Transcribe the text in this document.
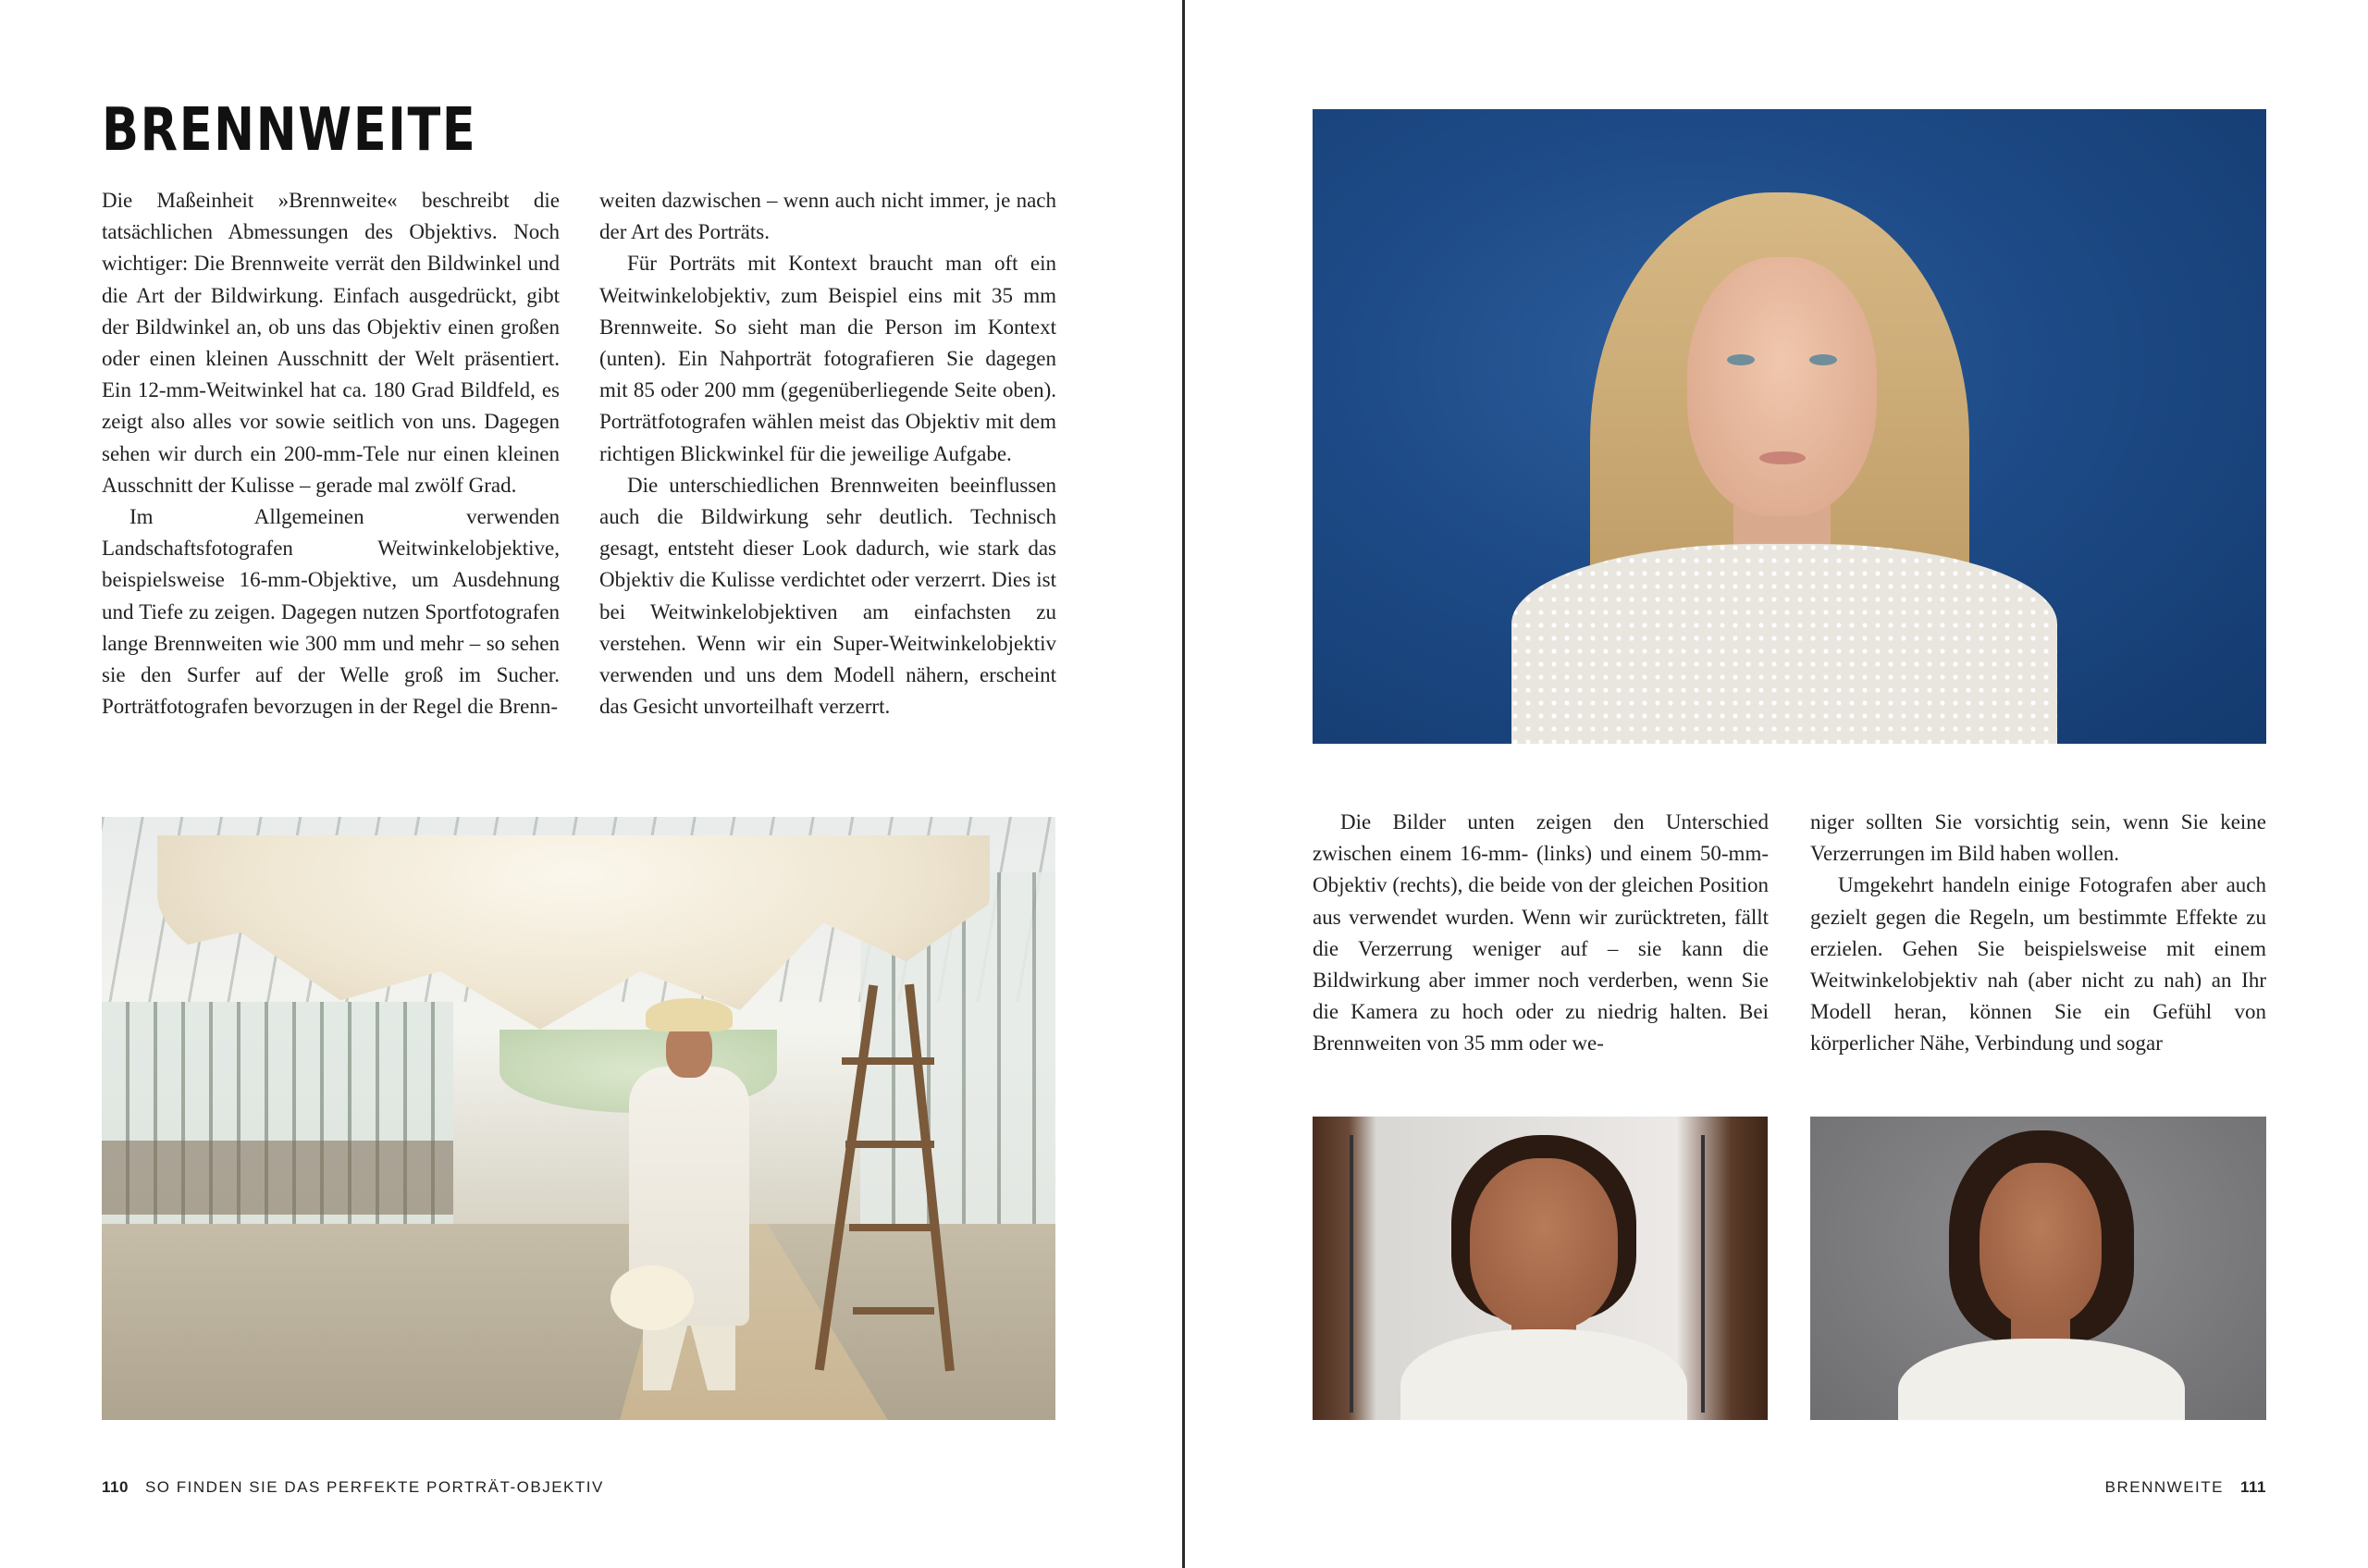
BRENNWEITE

Die Maßeinheit »Brennweite« beschreibt die tatsächlichen Abmessungen des Objektivs. Noch wichtiger: Die Brennweite verrät den Bildwinkel und die Art der Bildwirkung. Einfach ausgedrückt, gibt der Bildwinkel an, ob uns das Objektiv einen großen oder einen kleinen Ausschnitt der Welt präsentiert. Ein 12-mm-Weitwinkel hat ca. 180 Grad Bildfeld, es zeigt also alles vor sowie seitlich von uns. Dagegen sehen wir durch ein 200-mm-Tele nur einen kleinen Ausschnitt der Kulisse – gerade mal zwölf Grad.

Im Allgemeinen verwenden Landschaftsfotografen Weitwinkelobjektive, beispielsweise 16-mm-Objektive, um Ausdehnung und Tiefe zu zeigen. Dagegen nutzen Sportfotografen lange Brennweiten wie 300 mm und mehr – so sehen sie den Surfer auf der Welle groß im Sucher. Porträtfotografen bevorzugen in der Regel die Brenn-

weiten dazwischen – wenn auch nicht immer, je nach der Art des Porträts.

Für Porträts mit Kontext braucht man oft ein Weitwinkelobjektiv, zum Beispiel eins mit 35 mm Brennweite. So sieht man die Person im Kontext (unten). Ein Nahporträt fotografieren Sie dagegen mit 85 oder 200 mm (gegenüberliegende Seite oben). Porträtfotografen wählen meist das Objektiv mit dem richtigen Blickwinkel für die jeweilige Aufgabe.

Die unterschiedlichen Brennweiten beeinflussen auch die Bildwirkung sehr deutlich. Technisch gesagt, entsteht dieser Look dadurch, wie stark das Objektiv die Kulisse verdichtet oder verzerrt. Dies ist bei Weitwinkelobjektiven am einfachsten zu verstehen. Wenn wir ein Super-Weitwinkelobjektiv verwenden und uns dem Modell nähern, erscheint das Gesicht unvorteilhaft verzerrt.

110 SO FINDEN SIE DAS PERFEKTE PORTRÄT-OBJEKTIV

Die Bilder unten zeigen den Unterschied zwischen einem 16-mm- (links) und einem 50-mm-Objektiv (rechts), die beide von der gleichen Position aus verwendet wurden. Wenn wir zurücktreten, fällt die Verzerrung weniger auf – sie kann die Bildwirkung aber immer noch verderben, wenn Sie die Kamera zu hoch oder zu niedrig halten. Bei Brennweiten von 35 mm oder we-

niger sollten Sie vorsichtig sein, wenn Sie keine Verzerrungen im Bild haben wollen.

Umgekehrt handeln einige Fotografen aber auch gezielt gegen die Regeln, um bestimmte Effekte zu erzielen. Gehen Sie beispielsweise mit einem Weitwinkelobjektiv nah (aber nicht zu nah) an Ihr Modell heran, können Sie ein Gefühl von körperlicher Nähe, Verbindung und sogar

BRENNWEITE 111
